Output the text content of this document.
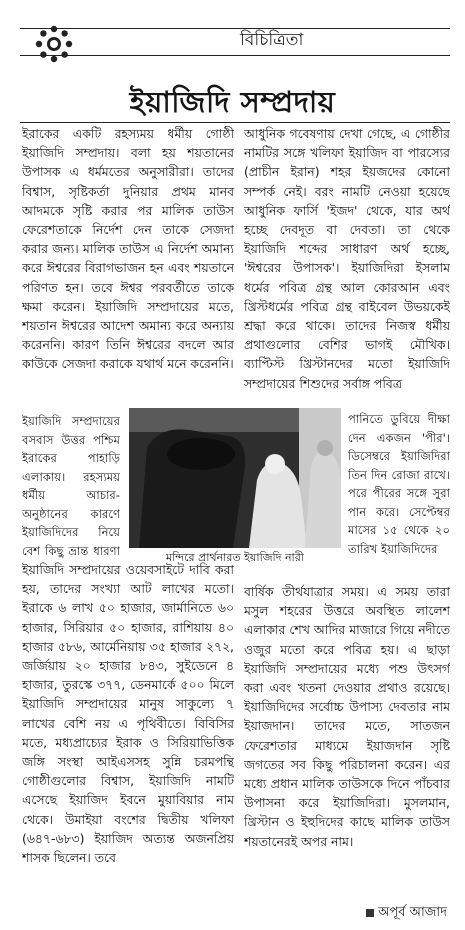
বিচিত্রিতা
ইয়াজিদি সম্প্রদায়

ইরাকের একটি রহস্যময় ধর্মীয় গোষ্ঠী ইয়াজিদি সম্প্রদায়। বলা হয় শয়তানের উপাসক এ ধর্মমতের অনুসারীরা। তাদের বিশ্বাস, সৃষ্টিকর্তা দুনিয়ার প্রথম মানব আদমকে সৃষ্টি করার পর মালিক তাউস ফেরেশতাকে নির্দেশ দেন তাকে সেজদা করার জন্য। মালিক তাউস এ নির্দেশ অমান্য করে ঈশ্বরের বিরাগভাজন হন এবং শয়তানে পরিণত হন। তবে ঈশ্বর পরবর্তীতে তাকে ক্ষমা করেন। ইয়াজিদি সম্প্রদায়ের মতে, শয়তান ঈশ্বরের আদেশ অমান্য করে অন্যায় করেননি। কারণ তিনি ঈশ্বরের বদলে আর কাউকে সেজদা করাকে যথার্থ মনে করেননি।

ইয়াজিদি সম্প্রদায়ের বসবাস উত্তর পশ্চিম ইরাকের পাহাড়ি এলাকায়। রহস্যময় ধর্মীয় আচার-অনুষ্ঠানের কারণে ইয়াজিদিদের নিয়ে বেশ কিছু ভ্রান্ত ধারণা

ইয়াজিদি সম্প্রদায়ের ওয়েবসাইটে দাবি করা হয়, তাদের সংখ্যা আট লাখের মতো। ইরাকে ৬ লাখ ৫০ হাজার, জার্মানিতে ৬০ হাজার, সিরিয়ার ৫০ হাজার, রাশিয়ায় ৪০ হাজার ৫৮৬, আর্মেনিয়ায় ৩৫ হাজার ২৭২, জর্জিয়ায় ২০ হাজার ৮৪৩, সুইডেনে ৪ হাজার, তুরস্কে ৩৭৭, ডেনমার্কে ৫০০ মিলে ইয়াজিদি সম্প্রদায়ের মানুষ সাকুল্যে ৭ লাখের বেশি নয় এ পৃথিবীতে। বিবিসির মতে, মধ্যপ্রাচ্যের ইরাক ও সিরিয়াভিত্তিক জঙ্গি সংস্থা আইএসসহ সুন্নি চরমপন্থি গোষ্ঠীগুলোর বিশ্বাস, ইয়াজিদি নামটি এসেছে ইয়াজিদ ইবনে মুয়াবিয়ার নাম থেকে। উমাইয়া বংশের দ্বিতীয় খলিফা (৬৪৭-৬৮৩) ইয়াজিদ অত্যন্ত অজনপ্রিয় শাসক ছিলেন। তবে

আধুনিক গবেষণায় দেখা গেছে, এ গোষ্ঠীর নামটির সঙ্গে খলিফা ইয়াজিদ বা পারস্যের (প্রাচীন ইরান) শহর ইয়জদের কোনো সম্পর্ক নেই। বরং নামটি নেওয়া হয়েছে আধুনিক ফার্সি 'ইজদ' থেকে, যার অর্থ হচ্ছে দেবদূত বা দেবতা। তা থেকে ইয়াজিদি শব্দের সাধারণ অর্থ হচ্ছে, 'ঈশ্বরের উপাসক'। ইয়াজিদিরা ইসলাম ধর্মের পবিত্র গ্রন্থ আল কোরআন এবং খ্রিস্টধর্মের পবিত্র গ্রন্থ বাইবেল উভয়কেই শ্রদ্ধা করে থাকে। তাদের নিজস্ব ধর্মীয় প্রথাগুলোর বেশির ভাগই মৌখিক। ব্যাপ্টিস্ট খ্রিস্টানদের মতো ইয়াজিদি সম্প্রদায়ের শিশুদের সর্বাঙ্গ পবিত্র

পানিতে ডুবিয়ে দীক্ষা দেন একজন 'পীর'। ডিসেম্বরে ইয়াজিদিরা তিন দিন রোজা রাখে। পরে পীরের সঙ্গে সুরা পান করে। সেপ্টেম্বর মাসের ১৫ থেকে ২০ তারিখ ইয়াজিদিদের

বার্ষিক তীর্থযাত্রার সময়। এ সময় তারা মসুল শহরের উত্তরে অবস্থিত লালেশ এলাকার শেখ আদির মাজারে গিয়ে নদীতে ওজুর মতো করে পবিত্র হয়। এ ছাড়া ইয়াজিদি সম্প্রদায়ের মধ্যে পশু উৎসর্গ করা এবং খতনা দেওয়ার প্রথাও রয়েছে। ইয়াজিদিদের সর্বোচ্চ উপাস্য দেবতার নাম ইয়াজদান। তাদের মতে, সাতজন ফেরেশতার মাধ্যমে ইয়াজদান সৃষ্টি জগতের সব কিছু পরিচালনা করেন। এর মধ্যে প্রধান মালিক তাউসকে দিনে পাঁচবার উপাসনা করে ইয়াজিদিরা। মুসলমান, খ্রিস্টান ও ইহুদিদের কাছে মালিক তাউস শয়তানেরই অপর নাম।

মন্দিরে প্রার্থনারত ইয়াজিদি নারী
অপূর্ব আজাদ
